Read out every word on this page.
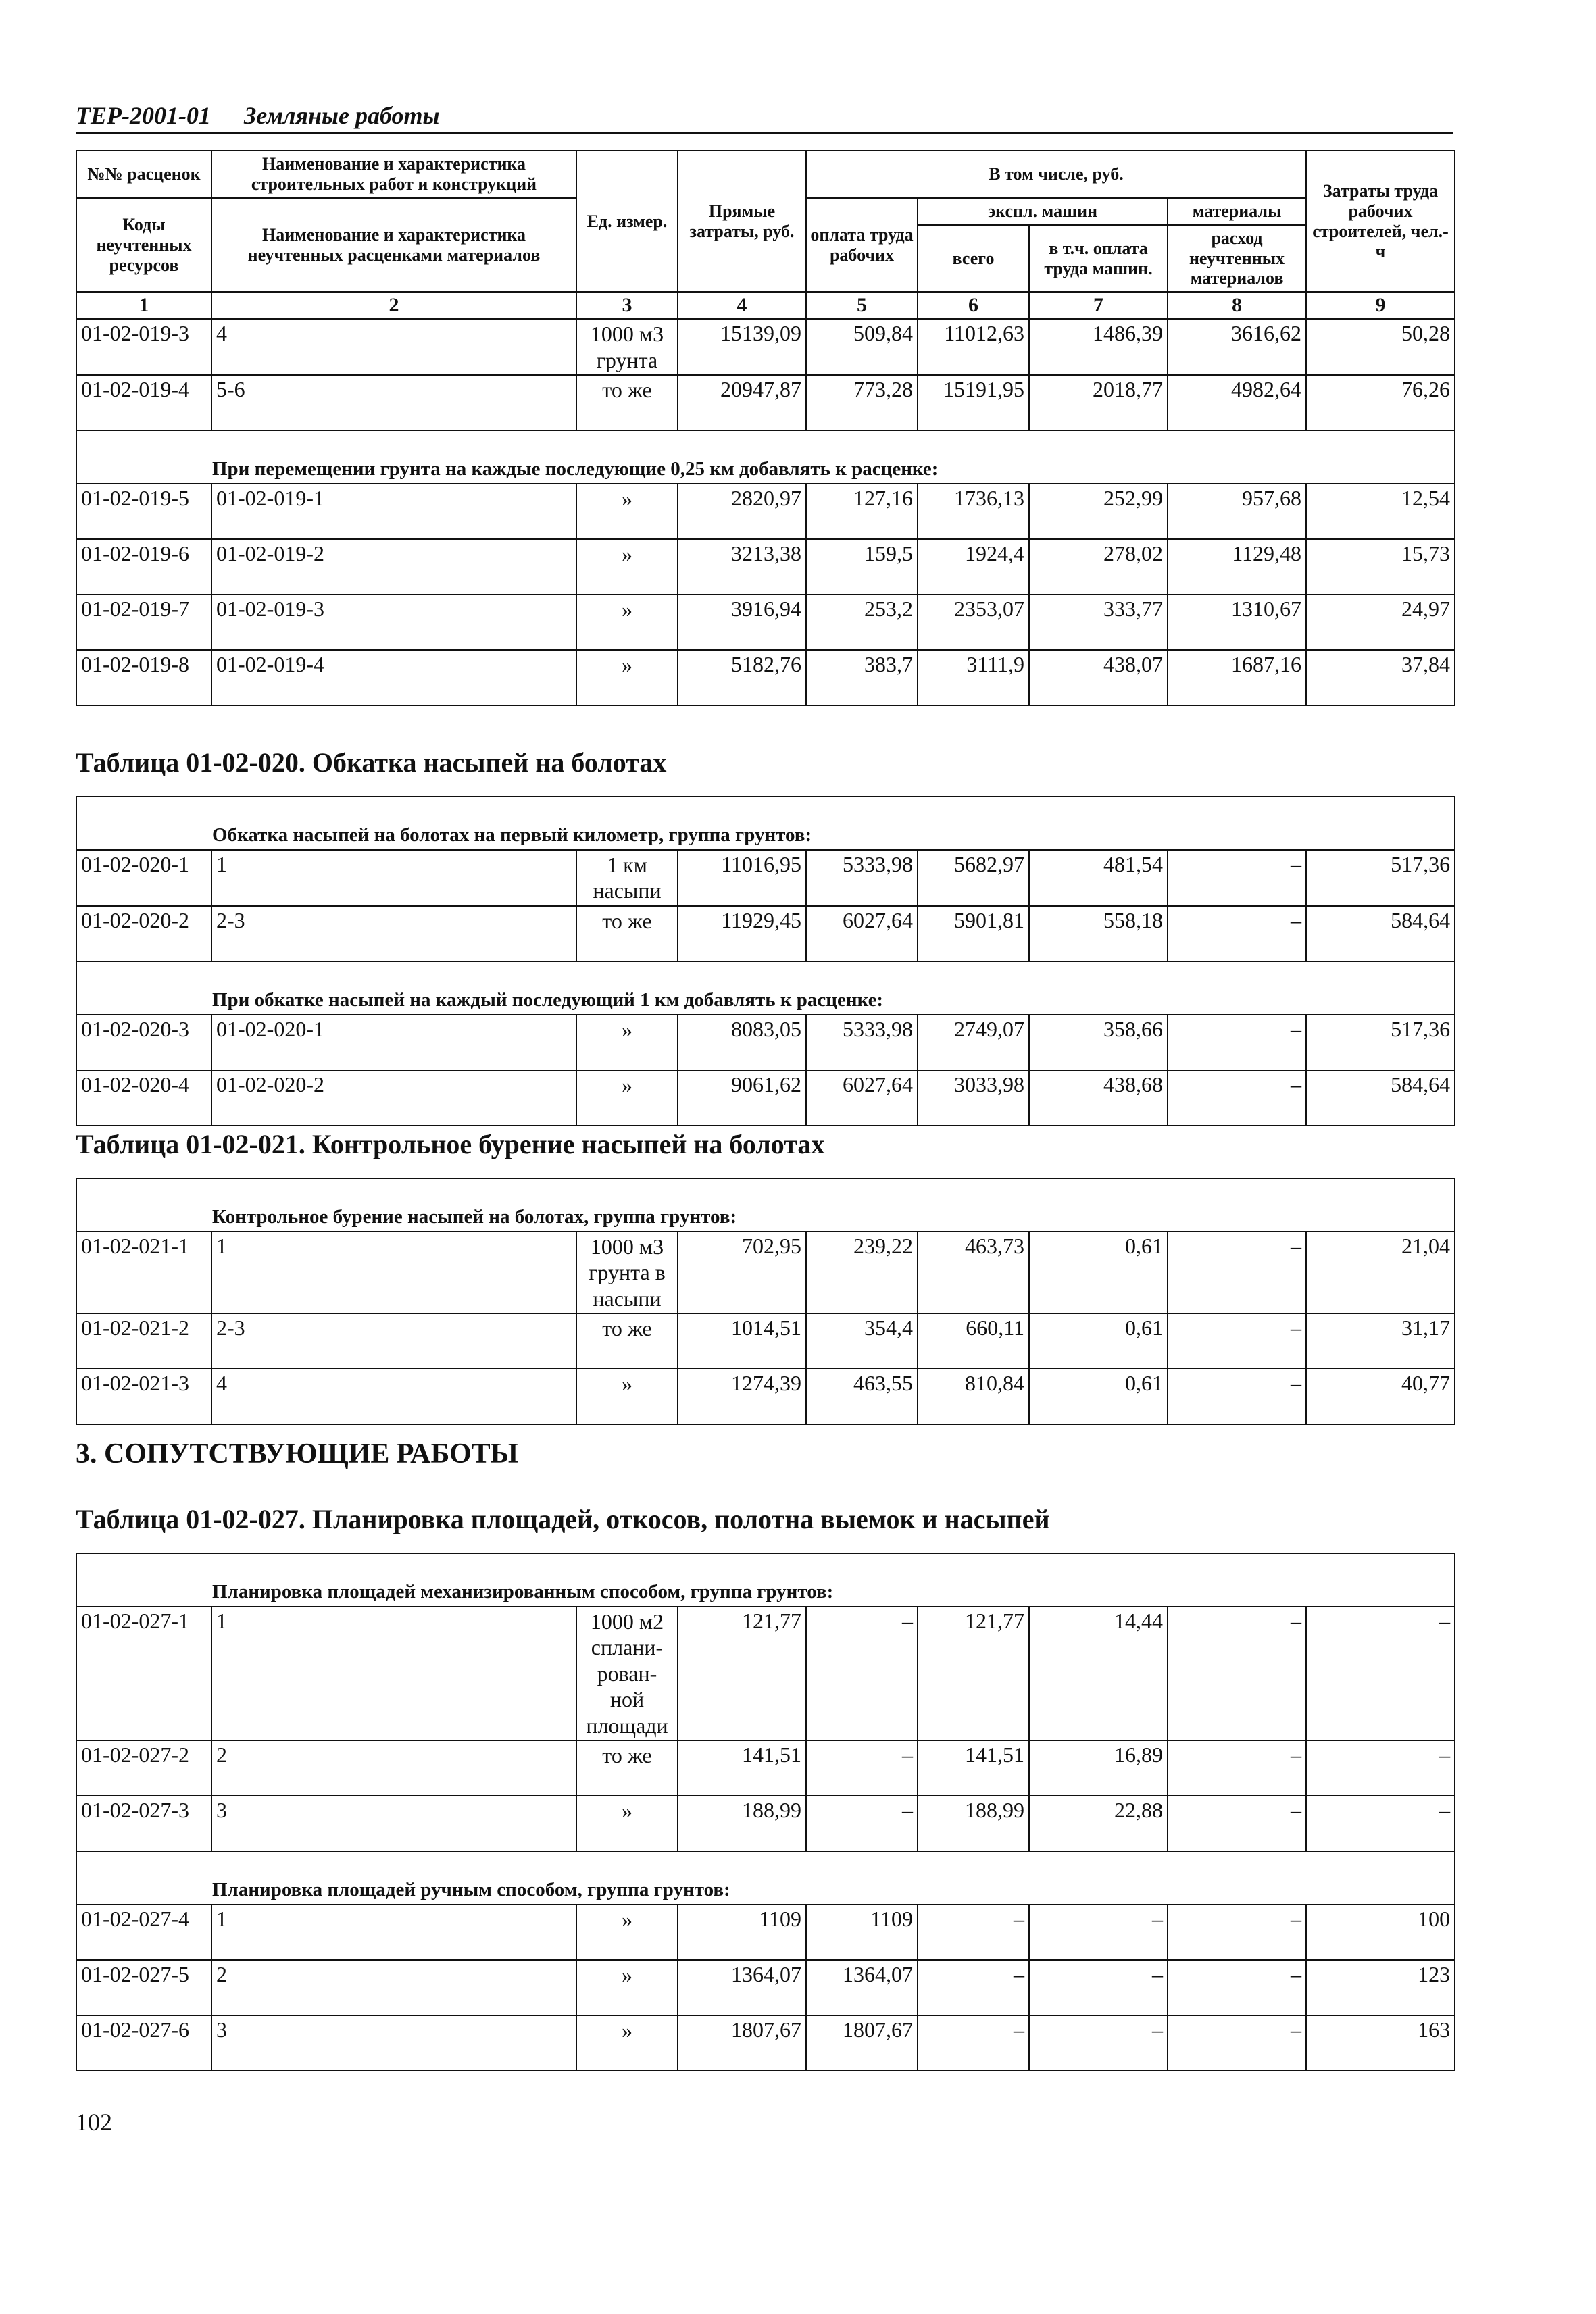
ТЕР-2001-01 Земляные работы
№№ расценок	Наименование и характеристика строительных работ и конструкций	Ед. измер.	Прямые затраты, руб.	В том числе, руб.				Затраты труда рабочих строителей, чел.-ч
Коды неучтенных ресурсов	Наименование и характеристика неучтенных расценками материалов			оплата труда рабочих	экспл. машин		материалы	
					всего	в т.ч. оплата труда машин.	расход неучтенных материалов	
1	2	3	4	5	6	7	8	9
01-02-019-3	4	1000 м3 грунта	15139,09	509,84	11012,63	1486,39	3616,62	50,28
01-02-019-4	5-6	то же	20947,87	773,28	15191,95	2018,77	4982,64	76,26
При перемещении грунта на каждые последующие 0,25 км добавлять к расценке:								
01-02-019-5	01-02-019-1	»	2820,97	127,16	1736,13	252,99	957,68	12,54
01-02-019-6	01-02-019-2	»	3213,38	159,5	1924,4	278,02	1129,48	15,73
01-02-019-7	01-02-019-3	»	3916,94	253,2	2353,07	333,77	1310,67	24,97
01-02-019-8	01-02-019-4	»	5182,76	383,7	3111,9	438,07	1687,16	37,84
Таблица 01-02-020. Обкатка насыпей на болотах
Обкатка насыпей на болотах на первый километр, группа грунтов:								
01-02-020-1	1	1 км насыпи	11016,95	5333,98	5682,97	481,54	–	517,36
01-02-020-2	2-3	то же	11929,45	6027,64	5901,81	558,18	–	584,64
При обкатке насыпей на каждый последующий 1 км добавлять к расценке:								
01-02-020-3	01-02-020-1	»	8083,05	5333,98	2749,07	358,66	–	517,36
01-02-020-4	01-02-020-2	»	9061,62	6027,64	3033,98	438,68	–	584,64
Таблица 01-02-021. Контрольное бурение насыпей на болотах
Контрольное бурение насыпей на болотах, группа грунтов:								
01-02-021-1	1	1000 м3 грунта в насыпи	702,95	239,22	463,73	0,61	–	21,04
01-02-021-2	2-3	то же	1014,51	354,4	660,11	0,61	–	31,17
01-02-021-3	4	»	1274,39	463,55	810,84	0,61	–	40,77
3. СОПУТСТВУЮЩИЕ РАБОТЫ
Таблица 01-02-027. Планировка площадей, откосов, полотна выемок и насыпей
Планировка площадей механизированным способом, группа грунтов:								
01-02-027-1	1	1000 м2 сплани- рован- ной площади	121,77	–	121,77	14,44	–	–
01-02-027-2	2	то же	141,51	–	141,51	16,89	–	–
01-02-027-3	3	»	188,99	–	188,99	22,88	–	–
Планировка площадей ручным способом, группа грунтов:								
01-02-027-4	1	»	1109	1109	–	–	–	100
01-02-027-5	2	»	1364,07	1364,07	–	–	–	123
01-02-027-6	3	»	1807,67	1807,67	–	–	–	163
102
